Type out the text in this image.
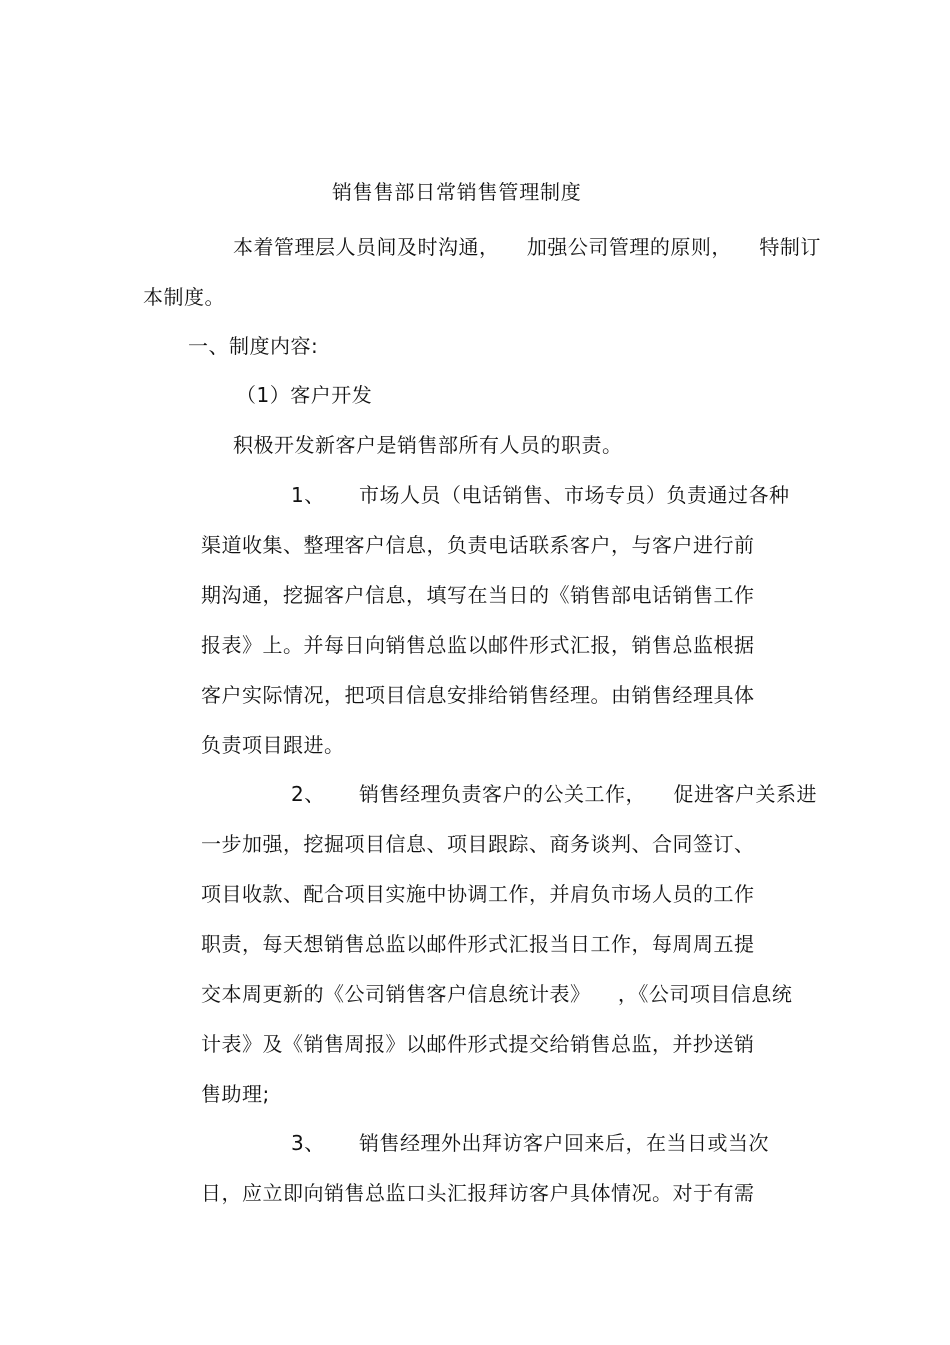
销售售部日常销售管理制度
本着管理层人员间及时沟通，    加强公司管理的原则，    特制订
本制度。
一、制度内容:
（1）客户开发
积极开发新客户是销售部所有人员的职责。
1、     市场人员（电话销售、市场专员）负责通过各种
渠道收集、整理客户信息，负责电话联系客户，与客户进行前
期沟通，挖掘客户信息，填写在当日的《销售部电话销售工作
报表》上。并每日向销售总监以邮件形式汇报，销售总监根据
客户实际情况，把项目信息安排给销售经理。由销售经理具体
负责项目跟进。
2、     销售经理负责客户的公关工作，    促进客户关系进
一步加强，挖掘项目信息、项目跟踪、商务谈判、合同签订、
项目收款、配合项目实施中协调工作，并肩负市场人员的工作
职责，每天想销售总监以邮件形式汇报当日工作，每周周五提
交本周更新的《公司销售客户信息统计表》    ，《公司项目信息统
计表》及《销售周报》以邮件形式提交给销售总监，并抄送销
售助理;
3、     销售经理外出拜访客户回来后，在当日或当次
日，应立即向销售总监口头汇报拜访客户具体情况。对于有需
